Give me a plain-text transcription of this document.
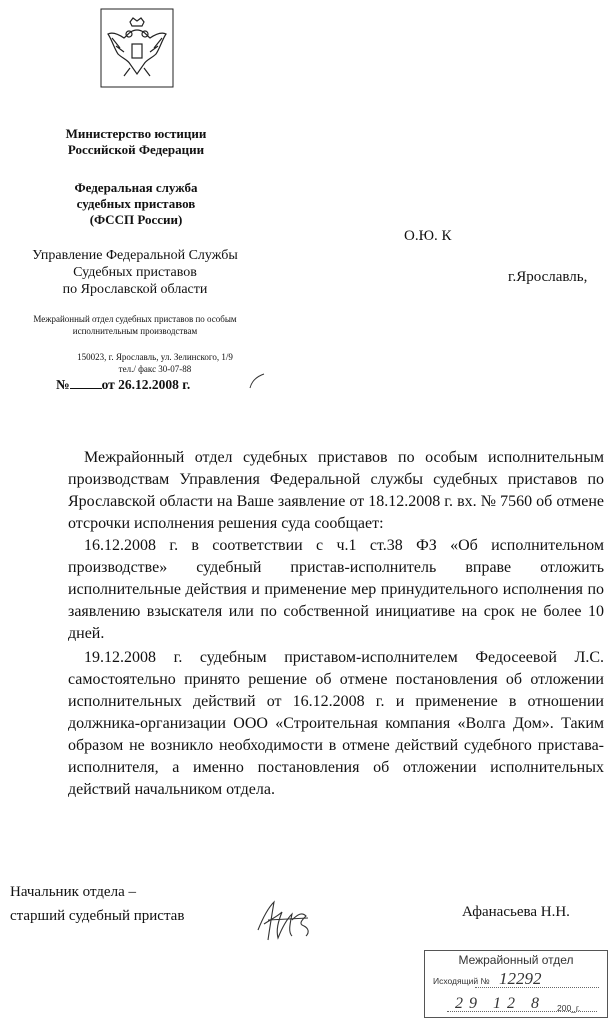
Министерство юстиции
Российской Федерации
Федеральная служба
судебных приставов
(ФССП России)
Управление Федеральной Службы
Судебных приставов
по Ярославской области
Межрайонный отдел судебных приставов по особым
исполнительным производствам
150023, г. Ярославль, ул. Зелинского, 1/9
тел./ факс 30-07-88
№ от 26.12.2008 г.
О.Ю. К
г.Ярославль,

Межрайонный отдел судебных приставов по особым исполнительным производствам Управления Федеральной службы судебных приставов по Ярославской области на Ваше заявление от 18.12.2008 г. вх. № 7560 об отмене отсрочки исполнения решения суда сообщает:

16.12.2008 г. в соответствии с ч.1 ст.38 ФЗ «Об исполнительном производстве» судебный пристав-исполнитель вправе отложить исполнительные действия и применение мер принудительного исполнения по заявлению взыскателя или по собственной инициативе на срок не более 10 дней.

19.12.2008 г. судебным приставом-исполнителем Федосеевой Л.С. самостоятельно принято решение об отмене постановления об отложении исполнительных действий от 16.12.2008 г. и применение в отношении должника-организации ООО «Строительная компания «Волга Дом». Таким образом не возникло необходимости в отмене действий судебного пристава-исполнителя, а именно постановления об отложении исполнительных действий начальником отдела.

Начальник отдела –
старший судебный пристав	Афанасьева Н.Н.
Межрайонный отдел
Исходящий № 12292
29 12 8 200_г.
